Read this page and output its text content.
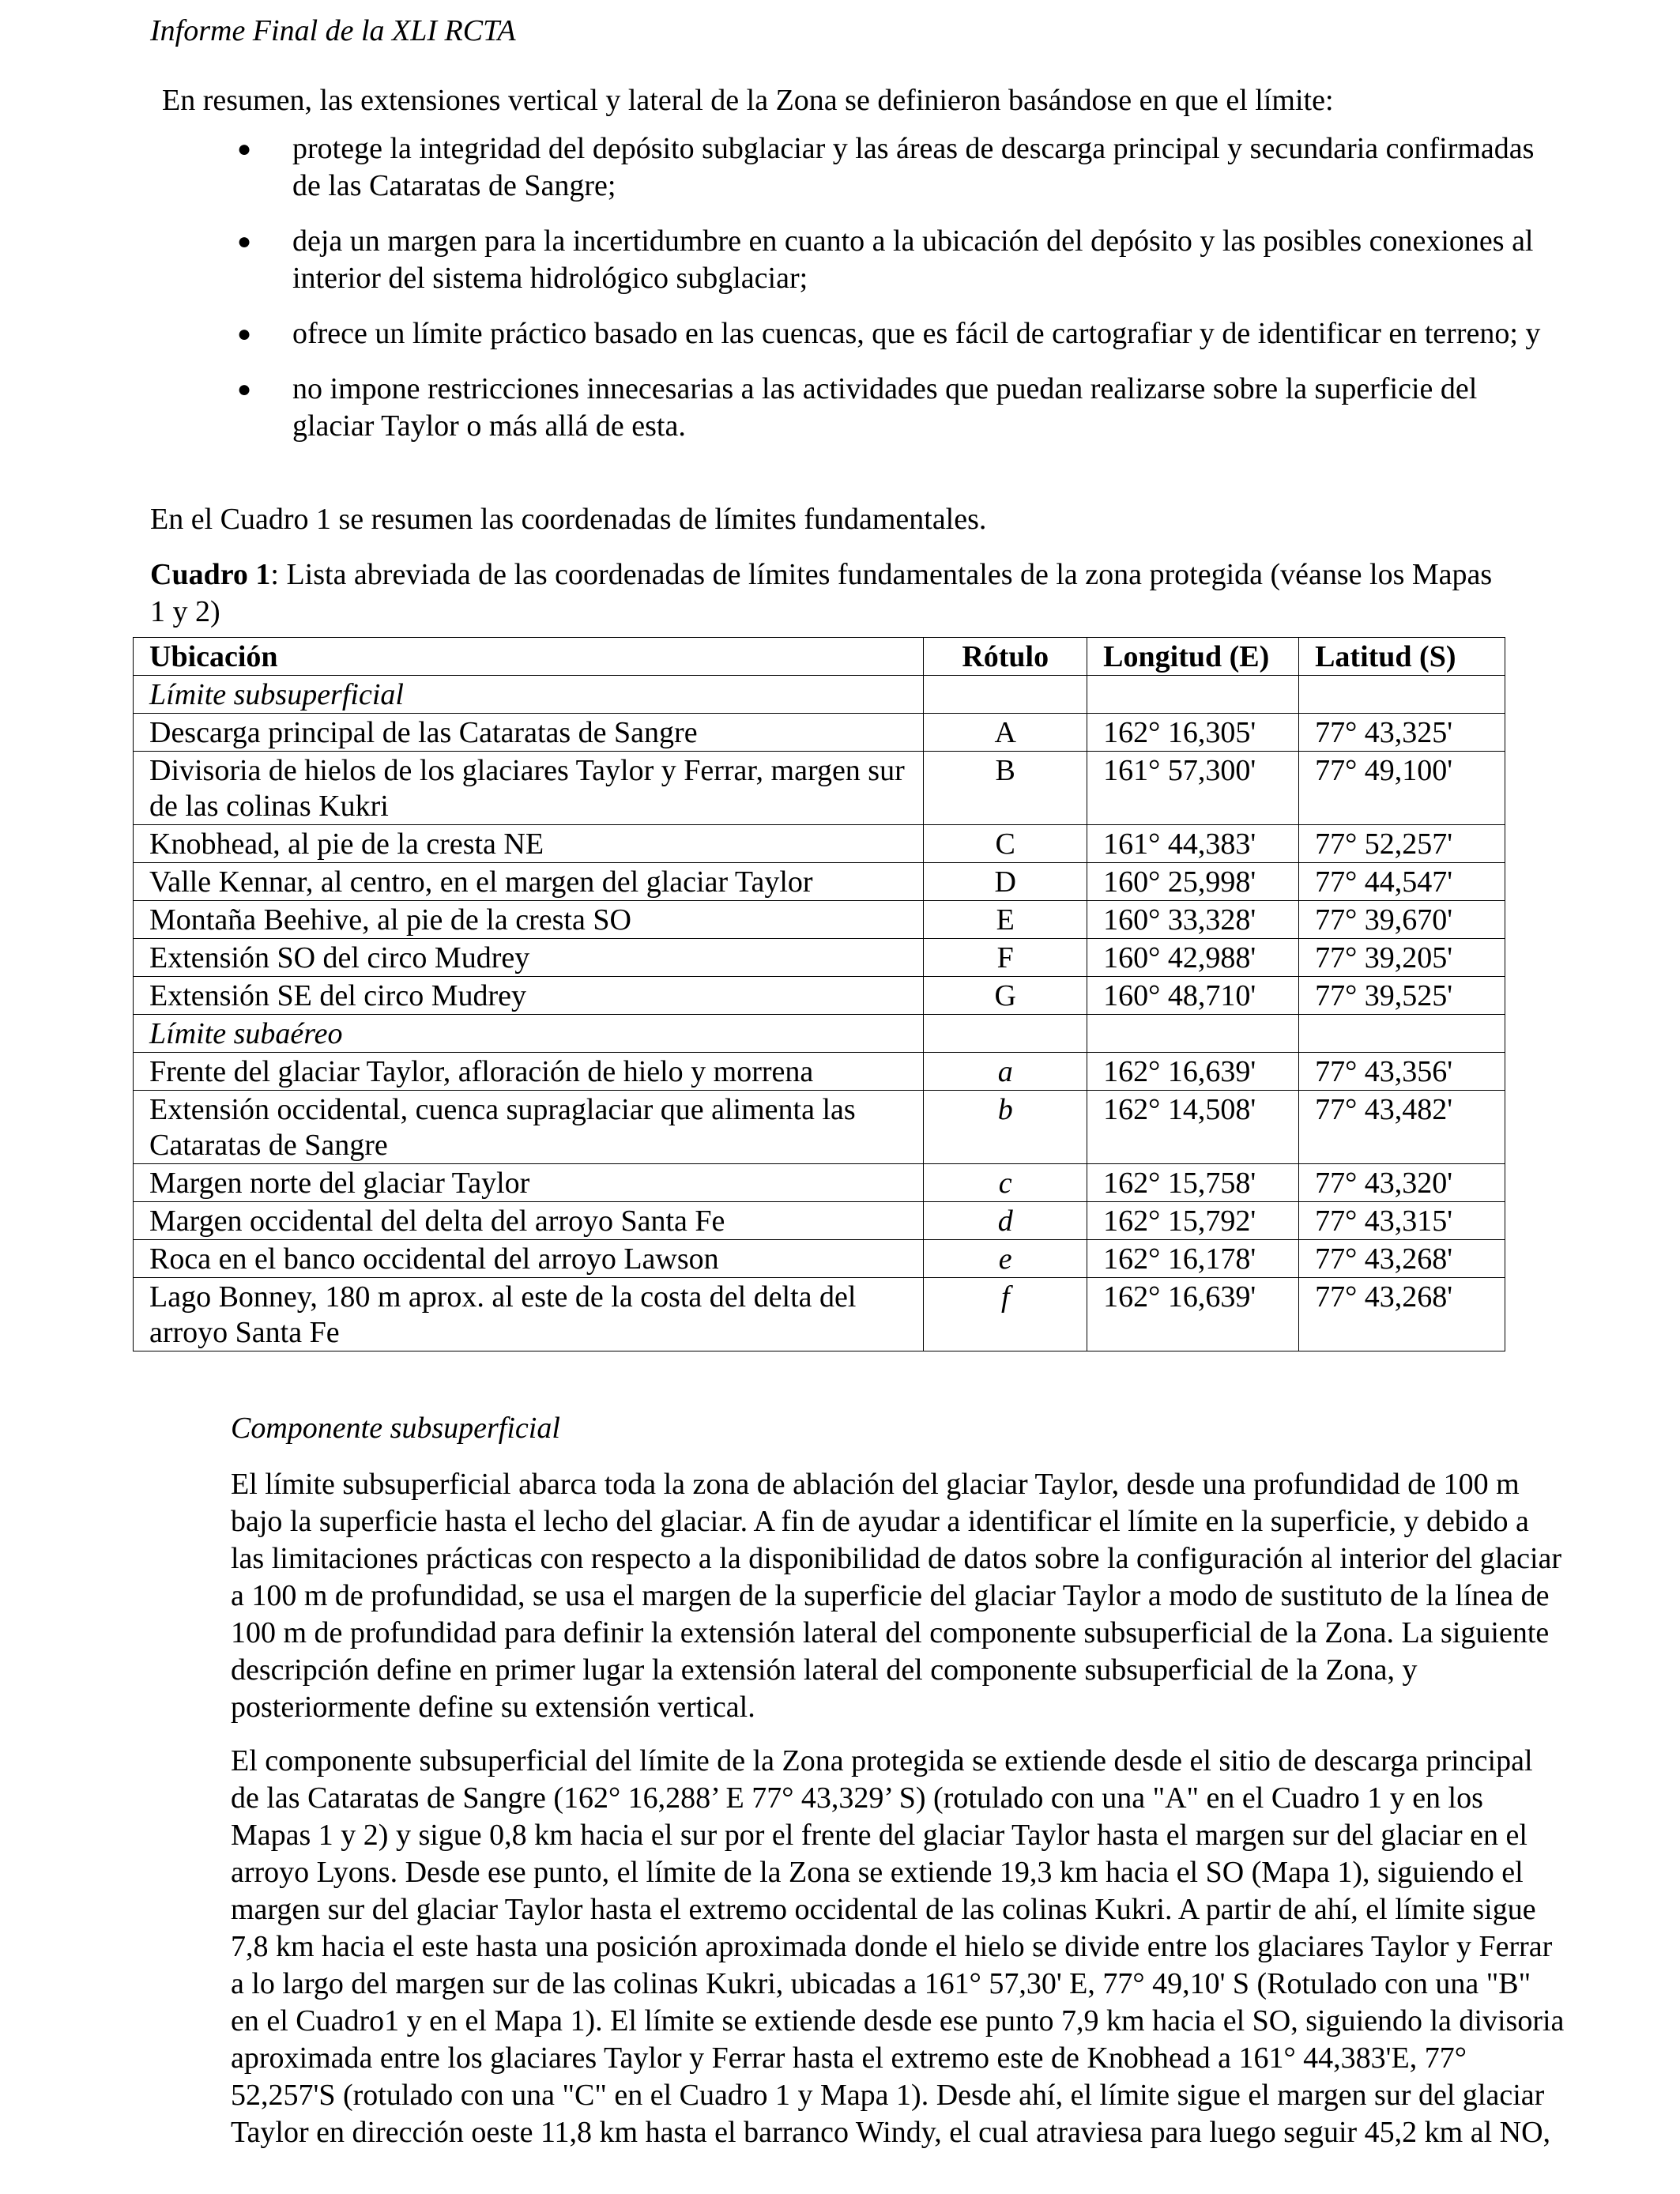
Informe Final de la XLI RCTA

En resumen, las extensiones vertical y lateral de la Zona se definieron basándose en que el límite:

● protege la integridad del depósito subglaciar y las áreas de descarga principal y secundaria confirmadas de las Cataratas de Sangre;
● deja un margen para la incertidumbre en cuanto a la ubicación del depósito y las posibles conexiones al interior del sistema hidrológico subglaciar;
● ofrece un límite práctico basado en las cuencas, que es fácil de cartografiar y de identificar en terreno; y
● no impone restricciones innecesarias a las actividades que puedan realizarse sobre la superficie del glaciar Taylor o más allá de esta.

En el Cuadro 1 se resumen las coordenadas de límites fundamentales.

Cuadro 1: Lista abreviada de las coordenadas de límites fundamentales de la zona protegida (véanse los Mapas 1 y 2)

Ubicación	Rótulo	Longitud (E)	Latitud (S)
Límite subsuperficial			
Descarga principal de las Cataratas de Sangre	A	162° 16,305'	77° 43,325'
Divisoria de hielos de los glaciares Taylor y Ferrar, margen sur de las colinas Kukri	B	161° 57,300'	77° 49,100'
Knobhead, al pie de la cresta NE	C	161° 44,383'	77° 52,257'
Valle Kennar, al centro, en el margen del glaciar Taylor	D	160° 25,998'	77° 44,547'
Montaña Beehive, al pie de la cresta SO	E	160° 33,328'	77° 39,670'
Extensión SO del circo Mudrey	F	160° 42,988'	77° 39,205'
Extensión SE del circo Mudrey	G	160° 48,710'	77° 39,525'
Límite subaéreo			
Frente del glaciar Taylor, afloración de hielo y morrena	a	162° 16,639'	77° 43,356'
Extensión occidental, cuenca supraglaciar que alimenta las Cataratas de Sangre	b	162° 14,508'	77° 43,482'
Margen norte del glaciar Taylor	c	162° 15,758'	77° 43,320'
Margen occidental del delta del arroyo Santa Fe	d	162° 15,792'	77° 43,315'
Roca en el banco occidental del arroyo Lawson	e	162° 16,178'	77° 43,268'
Lago Bonney, 180 m aprox. al este de la costa del delta del arroyo Santa Fe	f	162° 16,639'	77° 43,268'
Componente subsuperficial

El límite subsuperficial abarca toda la zona de ablación del glaciar Taylor, desde una profundidad de 100 m bajo la superficie hasta el lecho del glaciar. A fin de ayudar a identificar el límite en la superficie, y debido a las limitaciones prácticas con respecto a la disponibilidad de datos sobre la configuración al interior del glaciar a 100 m de profundidad, se usa el margen de la superficie del glaciar Taylor a modo de sustituto de la línea de 100 m de profundidad para definir la extensión lateral del componente subsuperficial de la Zona. La siguiente descripción define en primer lugar la extensión lateral del componente subsuperficial de la Zona, y posteriormente define su extensión vertical.

El componente subsuperficial del límite de la Zona protegida se extiende desde el sitio de descarga principal de las Cataratas de Sangre (162° 16,288’ E 77° 43,329’ S) (rotulado con una "A" en el Cuadro 1 y en los Mapas 1 y 2) y sigue 0,8 km hacia el sur por el frente del glaciar Taylor hasta el margen sur del glaciar en el arroyo Lyons. Desde ese punto, el límite de la Zona se extiende 19,3 km hacia el SO (Mapa 1), siguiendo el margen sur del glaciar Taylor hasta el extremo occidental de las colinas Kukri. A partir de ahí, el límite sigue 7,8 km hacia el este hasta una posición aproximada donde el hielo se divide entre los glaciares Taylor y Ferrar a lo largo del margen sur de las colinas Kukri, ubicadas a 161° 57,30' E, 77° 49,10' S (Rotulado con una "B" en el Cuadro1 y en el Mapa 1). El límite se extiende desde ese punto 7,9 km hacia el SO, siguiendo la divisoria aproximada entre los glaciares Taylor y Ferrar hasta el extremo este de Knobhead a 161° 44,383'E, 77° 52,257'S (rotulado con una "C" en el Cuadro 1 y Mapa 1). Desde ahí, el límite sigue el margen sur del glaciar Taylor en dirección oeste 11,8 km hasta el barranco Windy, el cual atraviesa para luego seguir 45,2 km al NO,
